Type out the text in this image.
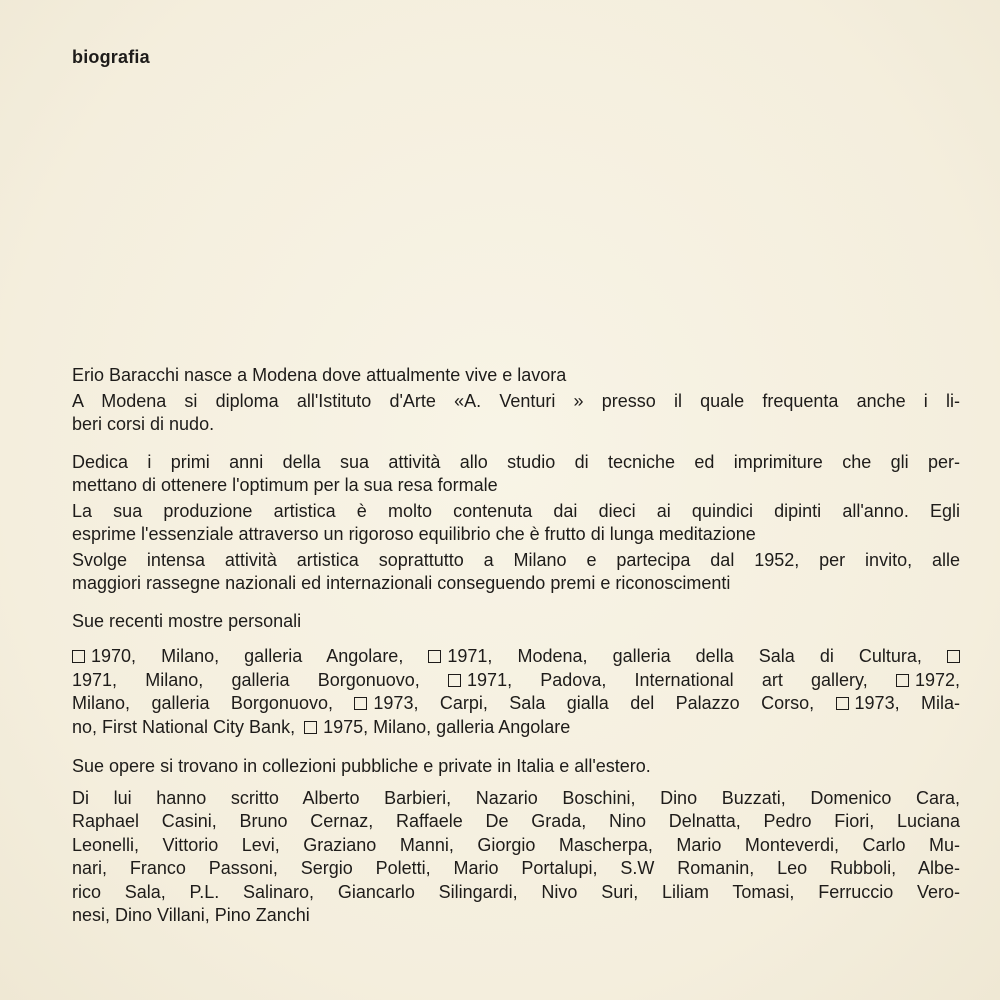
biografia
Erio Baracchi nasce a Modena dove attualmente vive e lavora
A Modena si diploma all'Istituto d'Arte «A. Venturi » presso il quale frequenta anche i li-
beri corsi di nudo.
Dedica i primi anni della sua attività allo studio di tecniche ed imprimiture che gli per-
mettano di ottenere l'optimum per la sua resa formale
La sua produzione artistica è molto contenuta dai dieci ai quindici dipinti all'anno. Egli
esprime l'essenziale attraverso un rigoroso equilibrio che è frutto di lunga meditazione
Svolge intensa attività artistica soprattutto a Milano e partecipa dal 1952, per invito, alle
maggiori rassegne nazionali ed internazionali conseguendo premi e riconoscimenti
Sue recenti mostre personali
1970, Milano, galleria Angolare, 1971, Modena, galleria della Sala di Cultura,
1971, Milano, galleria Borgonuovo,	1971, Padova, International art gallery,	1972,
Milano, galleria Borgonuovo, 1973, Carpi, Sala gialla del Palazzo Corso, 1973, Mila-
no, First National City Bank, 1975, Milano, galleria Angolare
Sue opere si trovano in collezioni pubbliche e private in Italia e all'estero.
Di lui hanno scritto Alberto Barbieri, Nazario Boschini, Dino Buzzati, Domenico Cara,
Raphael Casini, Bruno Cernaz, Raffaele De Grada, Nino Delnatta, Pedro Fiori, Luciana
Leonelli, Vittorio Levi, Graziano Manni, Giorgio Mascherpa, Mario Monteverdi, Carlo Mu-
nari, Franco Passoni, Sergio Poletti, Mario Portalupi, S.W Romanin, Leo Rubboli, Albe-
rico Sala, P.L. Salinaro, Giancarlo Silingardi, Nivo Suri, Liliam Tomasi, Ferruccio Vero-
nesi, Dino Villani, Pino Zanchi
